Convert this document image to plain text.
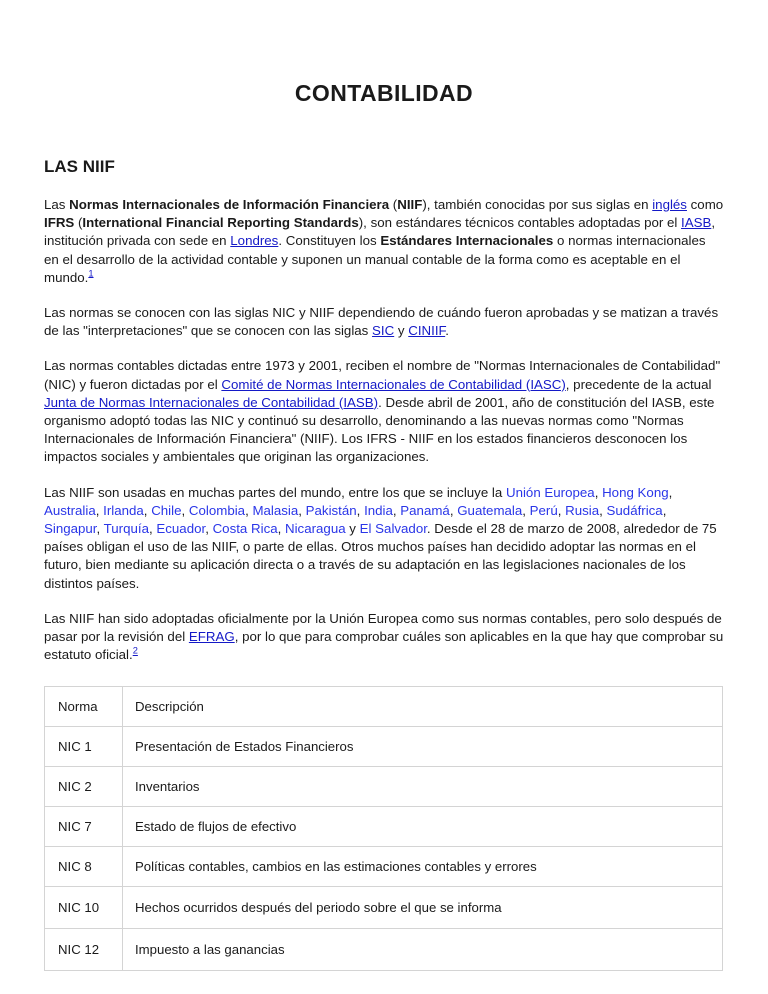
CONTABILIDAD
LAS NIIF

Las Normas Internacionales de Información Financiera (NIIF), también conocidas por sus siglas en inglés como IFRS (International Financial Reporting Standards), son estándares técnicos contables adoptadas por el IASB, institución privada con sede en Londres. Constituyen los Estándares Internacionales o normas internacionales en el desarrollo de la actividad contable y suponen un manual contable de la forma como es aceptable en el mundo.$^1$

Las normas se conocen con las siglas NIC y NIIF dependiendo de cuándo fueron aprobadas y se matizan a través de las "interpretaciones" que se conocen con las siglas SIC y CINIIF.

Las normas contables dictadas entre 1973 y 2001, reciben el nombre de "Normas Internacionales de Contabilidad" (NIC) y fueron dictadas por el Comité de Normas Internacionales de Contabilidad (IASC), precedente de la actual Junta de Normas Internacionales de Contabilidad (IASB). Desde abril de 2001, año de constitución del IASB, este organismo adoptó todas las NIC y continuó su desarrollo, denominando a las nuevas normas como "Normas Internacionales de Información Financiera" (NIIF). Los IFRS - NIIF en los estados financieros desconocen los impactos sociales y ambientales que originan las organizaciones.

Las NIIF son usadas en muchas partes del mundo, entre los que se incluye la Unión Europea, Hong Kong, Australia, Irlanda, Chile, Colombia, Malasia, Pakistán, India, Panamá, Guatemala, Perú, Rusia, Sudáfrica, Singapur, Turquía, Ecuador, Costa Rica, Nicaragua y El Salvador. Desde el 28 de marzo de 2008, alrededor de 75 países obligan el uso de las NIIF, o parte de ellas. Otros muchos países han decidido adoptar las normas en el futuro, bien mediante su aplicación directa o a través de su adaptación en las legislaciones nacionales de los distintos países.

Las NIIF han sido adoptadas oficialmente por la Unión Europea como sus normas contables, pero solo después de pasar por la revisión del EFRAG, por lo que para comprobar cuáles son aplicables en la que hay que comprobar su estatuto oficial.$^2$

Norma	Descripción
NIC 1	Presentación de Estados Financieros
NIC 2	Inventarios
NIC 7	Estado de flujos de efectivo
NIC 8	Políticas contables, cambios en las estimaciones contables y errores
NIC 10	Hechos ocurridos después del periodo sobre el que se informa
NIC 12	Impuesto a las ganancias
